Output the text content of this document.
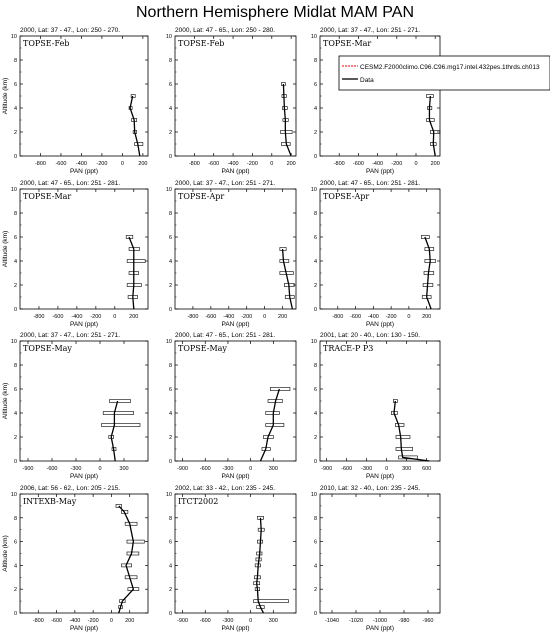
Northern Hemisphere Midlat MAM PAN
2000, Lat: 37 - 47., Lon: 250 - 270.
TOPSE-Feb
0
2
4
6
8
10
-800 -600 -400 -200 0	200
PAN (ppt)
Altitude (km)
2000, Lat: 47 - 65., Lon: 250 - 280.
TOPSE-Feb
0
2
4
6
8
10
-800 -600 -400 -200 0 200
PAN (ppt)
2000, Lat: 37 - 47., Lon: 251 - 271.
TOPSE-Mar
0
2
4
6
8
10
-800 -600 -400 -200 0 200
PAN (ppt)
2000, Lat: 47 - 65., Lon: 251 - 281.
TOPSE-Mar
0
2
4
6
8
10
-800 -600 -400 -200 0 200
PAN (ppt)
Altitude (km)
2000, Lat: 37 - 47., Lon: 251 - 271.
TOPSE-Apr
0
2
4
6
8
10
-800 -600 -400 -200 0 200
PAN (ppt)
2000, Lat: 47 - 65., Lon: 251 - 281.
TOPSE-Apr
0
2
4
6
8
10
-800 -600 -400 -200 0 200
PAN (ppt)
2000, Lat: 37 - 47., Lon: 251 - 271.
TOPSE-May
0
2
4
6
8
10
-900 -600 -300	0	300
PAN (ppt)
Altitude (km)
2000, Lat: 47 - 65., Lon: 251 - 281.
TOPSE-May
0
2
4
6
8
10
-900 -600 -300	0	300
PAN (ppt)
2001, Lat: 20 - 40., Lon: 130 - 150.
TRACE-P P3
0
2
4
6
8
10
-900 -600 -300 0	300 600
PAN (ppt)
2006, Lat: 56 - 62., Lon: 205 - 215.
INTEXB-May
0
2
4
6
8
10
-800 -600 -400 -200 0 200
PAN (ppt)
Altitude (km)
2002, Lat: 33 - 42., Lon: 235 - 245.
ITCT2002
0
2
4
6
8
10
-900 -600 -300	0	300
PAN (ppt)
2010, Lat: 32 - 40., Lon: 235 - 245.
0
2
4
6
8
10
-1040 -1020 -1000 -980 -960
PAN (ppt)
CESM2.F2000climo.C96.C96.mg17.intel.432pes.1thrds.ch013
Data
